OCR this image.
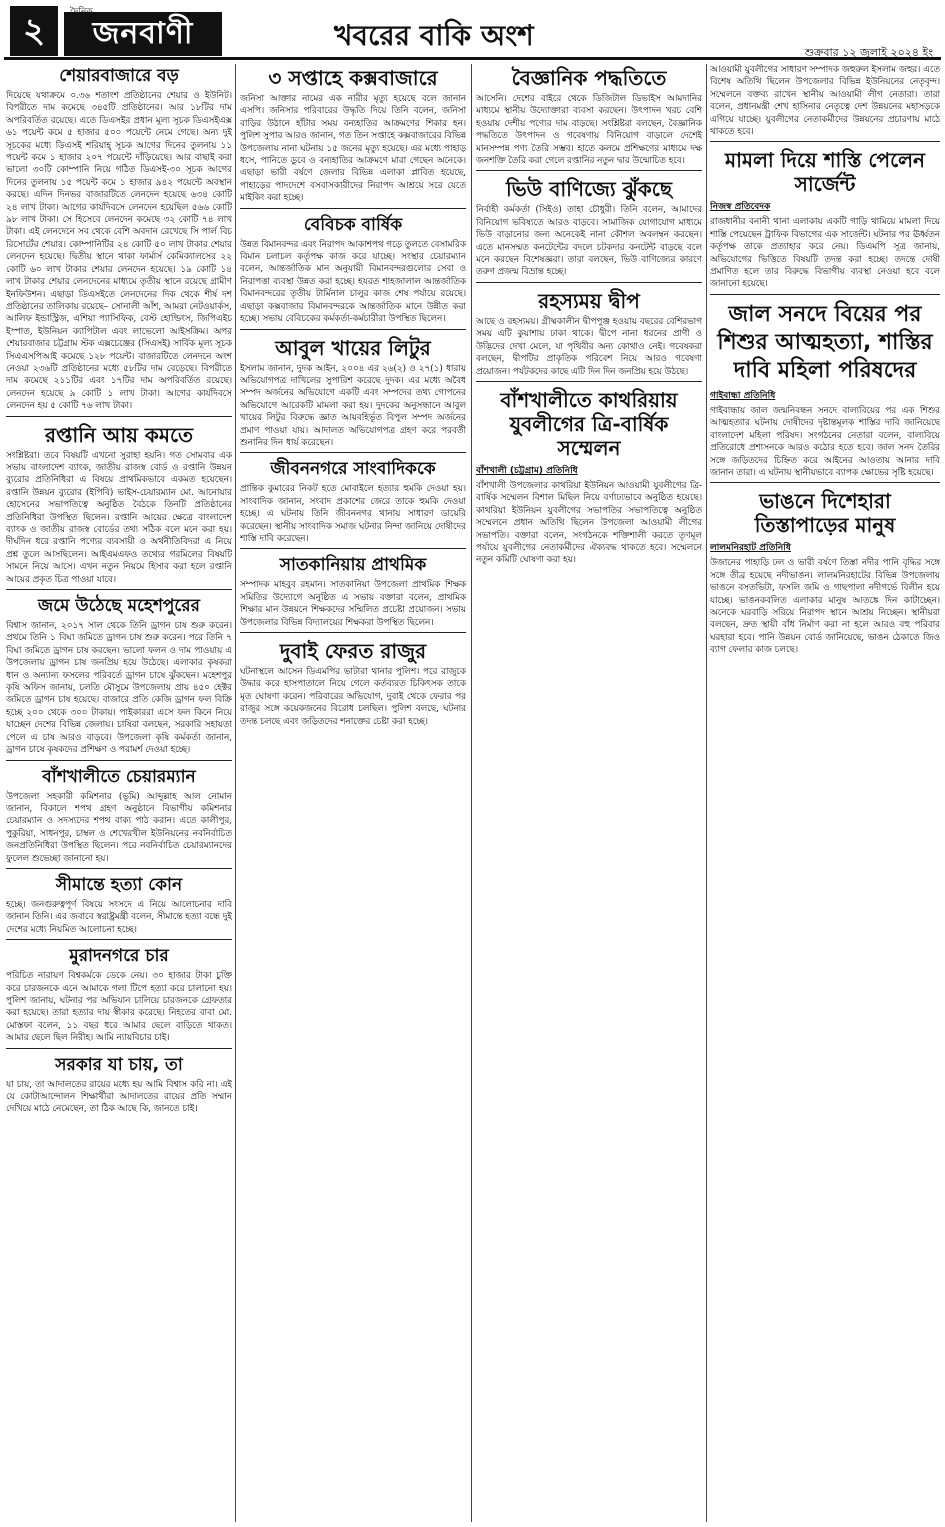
২	জনবাণী	খবরের বাকি অংশ
শুক্রবার ১২ জুলাই ২০২৪ ইং
শেয়ারবাজারে বড়
দিয়েছে যথাক্রমে ০.৩৬ শতাংশ প্রতিষ্ঠানের শেয়ার ও ইউনিট। বিপরীতে দাম কমেছে ৩৪৫টি প্রতিষ্ঠানের। আর ১৮টির দাম অপরিবর্তিত রয়েছে। এতে ডিএসইর প্রধান মূল্য সূচক ডিএসইএক্স ৬১ পয়েন্ট কমে ৫ হাজার ৫০০ পয়েন্টে নেমে গেছে। অন্য দুই সূচকের মধ্যে ডিএসই শরিয়াহ্ সূচক আগের দিনের তুলনায় ১১ পয়েন্ট কমে ১ হাজার ২০৭ পয়েন্টে দাঁড়িয়েছে। আর বাছাই করা ভালো ৩০টি কোম্পানি নিয়ে গঠিত ডিএসই-৩০ সূচক আগের দিনের তুলনায় ১৫ পয়েন্ট কমে ১ হাজার ৯৪২ পয়েন্টে অবস্থান করছে। এদিন দিনভর বাজারটিতে লেনদেন হয়েছে ৬৩৪ কোটি ২৪ লাখ টাকা। আগের কার্যদিবসে লেনদেন হয়েছিল ৫৬৬ কোটি ৯৮ লাখ টাকা। সে হিসেবে লেনদেন কমেছে ৩২ কোটি ৭৪ লাখ টাকা। এই লেনদেনে সব থেকে বেশি অবদান রেখেছে সি পার্ল বিচ রিসোর্টের শেয়ার। কোম্পানিটির ২৪ কোটি ৫০ লাখ টাকার শেয়ার লেনদেন হয়েছে। দ্বিতীয় স্থানে থাকা ফার্মার্স কেমিক্যালসের ২২ কোটি ৬০ লাখ টাকার শেয়ার লেনদেন হয়েছে। ১৯ কোটি ১৪ লাখ টাকার শেয়ার লেনদেনের মাধ্যমে তৃতীয় স্থানে রয়েছে গ্রামীণ ইনফিউশন। এছাড়া ডিএসইতে লেনদেনের দিক থেকে শীর্ষ দশ প্রতিষ্ঠানের তালিকায় রয়েছে– সোনালী আঁশ, আমরা নেটওয়ার্কস, আলিফ ইন্ডাস্ট্রিজ, এশিয়া প্যাসিফিক, বেস্ট হোল্ডিংস, জিপিএইচ ইস্পাত, ইউনিয়ন ক্যাপিটাল এবং লাভেলো আইসক্রিম। অপর শেয়ারবাজার চট্টগ্রাম স্টক এক্সচেঞ্জের (সিএসই) সার্বিক মূল্য সূচক সিএএসপিআই কমেছে ১২৮ পয়েন্ট। বাজারটিতে লেনদনে অংশ নেওয়া ২৩৬টি প্রতিষ্ঠানের মধ্যে ৫৮টির দাম বেড়েছে। বিপরীতে দাম কমেছে ২১১টির এবং ১৭টির দাম অপরিবর্তিত রয়েছে। লেনদেন হয়েছে ৯ কোটি ১ লাখ টাকা। আগের কার্যদিবসে লেনদেন হয় ৫ কোটি ৭৬ লাখ টাকা।
রপ্তানি আয় কমতে
সংশ্লিষ্টরা। তবে বিষয়টি এখনো সুরাহা হয়নি। গত সোমবার এক সভায় বাংলাদেশ ব্যাংক, জাতীয় রাজস্ব বোর্ড ও রপ্তানি উন্নয়ন ব্যুরোর প্রতিনিধিরা এ বিষয়ে প্রাথমিকভাবে একমত হয়েছেন। রপ্তানি উন্নয়ন ব্যুরোর (ইপিবি) ভাইস-চেয়ারম্যান মো. আনোয়ার হোসেনের সভাপতিত্বে অনুষ্ঠিত বৈঠকে তিনটি প্রতিষ্ঠানের প্রতিনিধিরা উপস্থিত ছিলেন। রপ্তানি আয়ের ক্ষেত্রে বাংলাদেশ ব্যাংক ও জাতীয় রাজস্ব বোর্ডের তথ্য সঠিক বলে মনে করা হয়। দীর্ঘদিন ধরে রপ্তানি পণ্যের ব্যবসায়ী ও অর্থনীতিবিদরা এ নিয়ে প্রশ্ন তুলে আসছিলেন। আইএমএফও তথ্যের গরমিলের বিষয়টি সামনে নিয়ে আসে। এখন নতুন নিয়মে হিসাব করা হলে রপ্তানি আয়ের প্রকৃত চিত্র পাওয়া যাবে।
জমে উঠেছে মহেশপুরের
বিশ্বাস জানান, ২০১৭ সাল থেকে তিনি ড্রাগন চাষ শুরু করেন। প্রথমে তিনি ১ বিঘা জমিতে ড্রাগন চাষ শুরু করেন। পরে তিনি ৭ বিঘা জমিতে ড্রাগন চাষ করছেন। ভালো ফলন ও দাম পাওয়ায় এ উপজেলায় ড্রাগন চাষ জনপ্রিয় হয়ে উঠেছে। এলাকার কৃষকরা ধান ও অন্যান্য ফসলের পরিবর্তে ড্রাগন চাষে ঝুঁকছেন। মহেশপুর কৃষি অফিস জানায়, চলতি মৌসুমে উপজেলায় প্রায় ৪৫০ হেক্টর জমিতে ড্রাগন চাষ হয়েছে। বাজারে প্রতি কেজি ড্রাগন ফল বিক্রি হচ্ছে ২০০ থেকে ৩০০ টাকায়। পাইকাররা এসে ফল কিনে নিয়ে যাচ্ছেন দেশের বিভিন্ন জেলায়। চাষিরা বলছেন, সরকারি সহায়তা পেলে এ চাষ আরও বাড়বে। উপজেলা কৃষি কর্মকর্তা জানান, ড্রাগন চাষে কৃষকদের প্রশিক্ষণ ও পরামর্শ দেওয়া হচ্ছে।
বাঁশখালীতে চেয়ারম্যান
উপজেলা সহকারী কমিশনার (ভূমি) আব্দুল্লাহ আল নোমান জানান, বিকালে শপথ গ্রহণ অনুষ্ঠানে বিভাগীয় কমিশনার চেয়ারম্যান ও সদস্যদের শপথ বাক্য পাঠ করান। এতে কালীপুর, পুকুরিয়া, সাধনপুর, চাম্বল ও শেখেরখীল ইউনিয়নের নবনির্বাচিত জনপ্রতিনিধিরা উপস্থিত ছিলেন। পরে নবনির্বাচিত চেয়ারম্যানদের ফুলেল শুভেচ্ছা জানানো হয়।
সীমান্তে হত্যা কোন
হচ্ছে। জনগুরুত্বপূর্ণ বিষয়ে সংসদে এ নিয়ে আলোচনার দাবি জানান তিনি। এর জবাবে স্বরাষ্ট্রমন্ত্রী বলেন, সীমান্তে হত্যা বন্ধে দুই দেশের মধ্যে নিয়মিত আলোচনা হচ্ছে।
মুরাদনগরে চার
পরিচিত নারায়ণ বিশ্বকর্মকে ডেকে নেয়। ৩০ হাজার টাকা চুক্তি করে চারজনকে এনে আমাকে গলা টিপে হত্যা করে চালানো হয়। পুলিশ জানায়, ঘটনার পর অভিযান চালিয়ে চারজনকে গ্রেফতার করা হয়েছে। তারা হত্যার দায় স্বীকার করেছে। নিহতের বাবা মো. মোস্তফা বলেন, ১১ বছর ধরে আমার ছেলে বাড়িতে থাকত। আমার ছেলে ছিল নিরীহ। আমি ন্যায়বিচার চাই।
সরকার যা চায়, তা
যা চায়, তা আদালতের রায়ের মধ্যে হয় আমি বিশ্বাস করি না। এই যে কোটাআন্দোলন শিক্ষার্থীরা আদালতের রায়ের প্রতি সম্মান দেখিয়ে মাঠে নেমেছেন, তা ঠিক আছে কি, জানতে চাই।
৩ সপ্তাহে কক্সবাজারে
জনিসা আক্তার নামের এক নারীর মৃত্যু হয়েছে বলে জানান এসপি। জনিসার পরিবারের উদ্ধৃতি দিয়ে তিনি বলেন, জনিসা বাড়ির উঠানে হাঁটার সময় বন্যহাতির আক্রমণের শিকার হন। পুলিশ সুপার আরও জানান, গত তিন সপ্তাহে কক্সবাজারের বিভিন্ন উপজেলায় নানা ঘটনায় ১৫ জনের মৃত্যু হয়েছে। এর মধ্যে পাহাড় ধসে, পানিতে ডুবে ও বন্যহাতির আক্রমণে মারা গেছেন অনেকে। এছাড়া ভারী বর্ষণে জেলার বিভিন্ন এলাকা প্লাবিত হয়েছে, পাহাড়ের পাদদেশে বসবাসকারীদের নিরাপদ আশ্রয়ে সরে যেতে মাইকিং করা হচ্ছে।
বেবিচক বার্ষিক
উন্নত বিমানবন্দর এবং নিরাপদ আকাশপথ গড়ে তুলতে বেসামরিক বিমান চলাচল কর্তৃপক্ষ কাজ করে যাচ্ছে। সংস্থার চেয়ারম্যান বলেন, আন্তর্জাতিক মান অনুযায়ী বিমানবন্দরগুলোর সেবা ও নিরাপত্তা ব্যবস্থা উন্নত করা হচ্ছে। হযরত শাহজালাল আন্তর্জাতিক বিমানবন্দরের তৃতীয় টার্মিনাল চালুর কাজ শেষ পর্যায়ে রয়েছে। এছাড়া কক্সবাজার বিমানবন্দরকে আন্তর্জাতিক মানে উন্নীত করা হচ্ছে। সভায় বেবিচকের কর্মকর্তা-কর্মচারীরা উপস্থিত ছিলেন।
আবুল খায়ের লিটুর
ইসলাম জানান, দুদক আইন, ২০০৪ এর ২৬(২) ও ২৭(১) ধারায় অভিযোগপত্র দাখিলের সুপারিশ করেছে দুদক। এর মধ্যে অবৈধ সম্পদ অর্জনের অভিযোগে একটি এবং সম্পদের তথ্য গোপনের অভিযোগে আরেকটি মামলা করা হয়। দুদকের অনুসন্ধানে আবুল খায়ের লিটুর বিরুদ্ধে জ্ঞাত আয়বহির্ভূত বিপুল সম্পদ অর্জনের প্রমাণ পাওয়া যায়। আদালত অভিযোগপত্র গ্রহণ করে পরবর্তী শুনানির দিন ধার্য করেছেন।
জীবননগরে সাংবাদিককে
প্রান্তিক কুমারের নিকট হতে মোবাইলে হত্যার হুমকি দেওয়া হয়। সাংবাদিক জানান, সংবাদ প্রকাশের জেরে তাকে হুমকি দেওয়া হচ্ছে। এ ঘটনায় তিনি জীবননগর থানায় সাধারণ ডায়েরি করেছেন। স্থানীয় সাংবাদিক সমাজ ঘটনার নিন্দা জানিয়ে দোষীদের শাস্তি দাবি করেছেন।
সাতকানিয়ায় প্রাথমিক
সম্পাদক মাহবুব রহমান। সাতকানিয়া উপজেলা প্রাথমিক শিক্ষক সমিতির উদ্যোগে অনুষ্ঠিত এ সভায় বক্তারা বলেন, প্রাথমিক শিক্ষার মান উন্নয়নে শিক্ষকদের সম্মিলিত প্রচেষ্টা প্রয়োজন। সভায় উপজেলার বিভিন্ন বিদ্যালয়ের শিক্ষকরা উপস্থিত ছিলেন।
দুবাই ফেরত রাজুর
ঘটনাস্থলে আসেন ডিএমপির ভাটারা থানার পুলিশ। পরে রাজুকে উদ্ধার করে হাসপাতালে নিয়ে গেলে কর্তব্যরত চিকিৎসক তাকে মৃত ঘোষণা করেন। পরিবারের অভিযোগ, দুবাই থেকে ফেরার পর রাজুর সঙ্গে কয়েকজনের বিরোধ চলছিল। পুলিশ বলছে, ঘটনার তদন্ত চলছে এবং জড়িতদের শনাক্তের চেষ্টা করা হচ্ছে।
বৈজ্ঞানিক পদ্ধতিতে
আসেনি। দেশের বাইরে থেকে ডিজিটাল ডিভাইস আমদানির মাধ্যমে স্থানীয় উদ্যোক্তারা ব্যবসা করছেন। উৎপাদন খরচ বেশি হওয়ায় দেশীয় পণ্যের দাম বাড়ছে। সংশ্লিষ্টরা বলছেন, বৈজ্ঞানিক পদ্ধতিতে উৎপাদন ও গবেষণায় বিনিয়োগ বাড়ালে দেশেই মানসম্পন্ন পণ্য তৈরি সম্ভব। হাতে কলমে প্রশিক্ষণের মাধ্যমে দক্ষ জনশক্তি তৈরি করা গেলে রপ্তানির নতুন দ্বার উন্মোচিত হবে।
ভিউ বাণিজ্যে ঝুঁকছে
নির্বাহী কর্মকর্তা (সিইও) তাহা চৌধুরী। তিনি বলেন, আমাদের বিনিয়োগ ভবিষ্যতে আরও বাড়বে। সামাজিক যোগাযোগ মাধ্যমে ভিউ বাড়ানোর জন্য অনেকেই নানা কৌশল অবলম্বন করছেন। এতে মানসম্মত কনটেন্টের বদলে চটকদার কনটেন্ট বাড়ছে বলে মনে করছেন বিশেষজ্ঞরা। তারা বলছেন, ভিউ বাণিজ্যের কারণে তরুণ প্রজন্ম বিভ্রান্ত হচ্ছে।
রহস্যময় দ্বীপ
আছে ও রহস্যময়। গ্রীষ্মকালীন দ্বীপপুঞ্জ হওয়ায় বছরের বেশিরভাগ সময় এটি কুয়াশায় ঢাকা থাকে। দ্বীপে নানা ধরনের প্রাণী ও উদ্ভিদের দেখা মেলে, যা পৃথিবীর অন্য কোথাও নেই। গবেষকরা বলছেন, দ্বীপটির প্রাকৃতিক পরিবেশ নিয়ে আরও গবেষণা প্রয়োজন। পর্যটকদের কাছে এটি দিন দিন জনপ্রিয় হয়ে উঠছে।
বাঁশখালীতে কাথরিয়ায় যুবলীগের ত্রি-বার্ষিক সম্মেলন
বাঁশখালী (চট্টগ্রাম) প্রতিনিধি
বাঁশখালী উপজেলার কাথরিয়া ইউনিয়ন আওয়ামী যুবলীগের ত্রি-বার্ষিক সম্মেলন বিশাল মিছিল নিয়ে বর্ণাঢ্যভাবে অনুষ্ঠিত হয়েছে। কাথরিয়া ইউনিয়ন যুবলীগের সভাপতির সভাপতিত্বে অনুষ্ঠিত সম্মেলনে প্রধান অতিথি ছিলেন উপজেলা আওয়ামী লীগের সভাপতি। বক্তারা বলেন, সংগঠনকে শক্তিশালী করতে তৃণমূল পর্যায়ে যুবলীগের নেতাকর্মীদের ঐক্যবদ্ধ থাকতে হবে। সম্মেলনে নতুন কমিটি ঘোষণা করা হয়।
আওয়ামী যুবলীগের সাধারণ সম্পাদক জহুরুল ইসলাম জহুর। এতে বিশেষ অতিথি ছিলেন উপজেলার বিভিন্ন ইউনিয়নের নেতৃবৃন্দ। সম্মেলনে বক্তব্য রাখেন স্থানীয় আওয়ামী লীগ নেতারা। তারা বলেন, প্রধানমন্ত্রী শেখ হাসিনার নেতৃত্বে দেশ উন্নয়নের মহাসড়কে এগিয়ে যাচ্ছে। যুবলীগের নেতাকর্মীদের উন্নয়নের প্রচারণায় মাঠে থাকতে হবে।
মামলা দিয়ে শাস্তি পেলেন সার্জেন্ট
নিজস্ব প্রতিবেদক
রাজধানীর বনানী থানা এলাকায় একটি গাড়ি থামিয়ে মামলা দিয়ে শাস্তি পেয়েছেন ট্রাফিক বিভাগের এক সার্জেন্ট। ঘটনার পর ঊর্ধ্বতন কর্তৃপক্ষ তাকে প্রত্যাহার করে নেয়। ডিএমপি সূত্র জানায়, অভিযোগের ভিত্তিতে বিষয়টি তদন্ত করা হচ্ছে। তদন্তে দোষী প্রমাণিত হলে তার বিরুদ্ধে বিভাগীয় ব্যবস্থা নেওয়া হবে বলে জানানো হয়েছে।
জাল সনদে বিয়ের পর শিশুর আত্মহত্যা, শাস্তির দাবি মহিলা পরিষদের
গাইবান্ধা প্রতিনিধি
গাইবান্ধায় জাল জন্মনিবন্ধন সনদে বাল্যবিয়ের পর এক শিশুর আত্মহত্যার ঘটনায় দোষীদের দৃষ্টান্তমূলক শাস্তির দাবি জানিয়েছে বাংলাদেশ মহিলা পরিষদ। সংগঠনের নেতারা বলেন, বাল্যবিয়ে প্রতিরোধে প্রশাসনকে আরও কঠোর হতে হবে। জাল সনদ তৈরির সঙ্গে জড়িতদের চিহ্নিত করে আইনের আওতায় আনার দাবি জানান তারা। এ ঘটনায় স্থানীয়ভাবে ব্যাপক ক্ষোভের সৃষ্টি হয়েছে।
ভাঙনে দিশেহারা তিস্তাপাড়ের মানুষ
লালমনিরহাট প্রতিনিধি
উজানের পাহাড়ি ঢল ও ভারী বর্ষণে তিস্তা নদীর পানি বৃদ্ধির সঙ্গে সঙ্গে তীব্র হয়েছে নদীভাঙন। লালমনিরহাটের বিভিন্ন উপজেলায় ভাঙনে বসতভিটা, ফসলি জমি ও গাছপালা নদীগর্ভে বিলীন হয়ে যাচ্ছে। ভাঙনকবলিত এলাকার মানুষ আতঙ্কে দিন কাটাচ্ছেন। অনেকে ঘরবাড়ি সরিয়ে নিরাপদ স্থানে আশ্রয় নিচ্ছেন। স্থানীয়রা বলছেন, দ্রুত স্থায়ী বাঁধ নির্মাণ করা না হলে আরও বহু পরিবার ঘরহারা হবে। পানি উন্নয়ন বোর্ড জানিয়েছে, ভাঙন ঠেকাতে জিও ব্যাগ ফেলার কাজ চলছে।
